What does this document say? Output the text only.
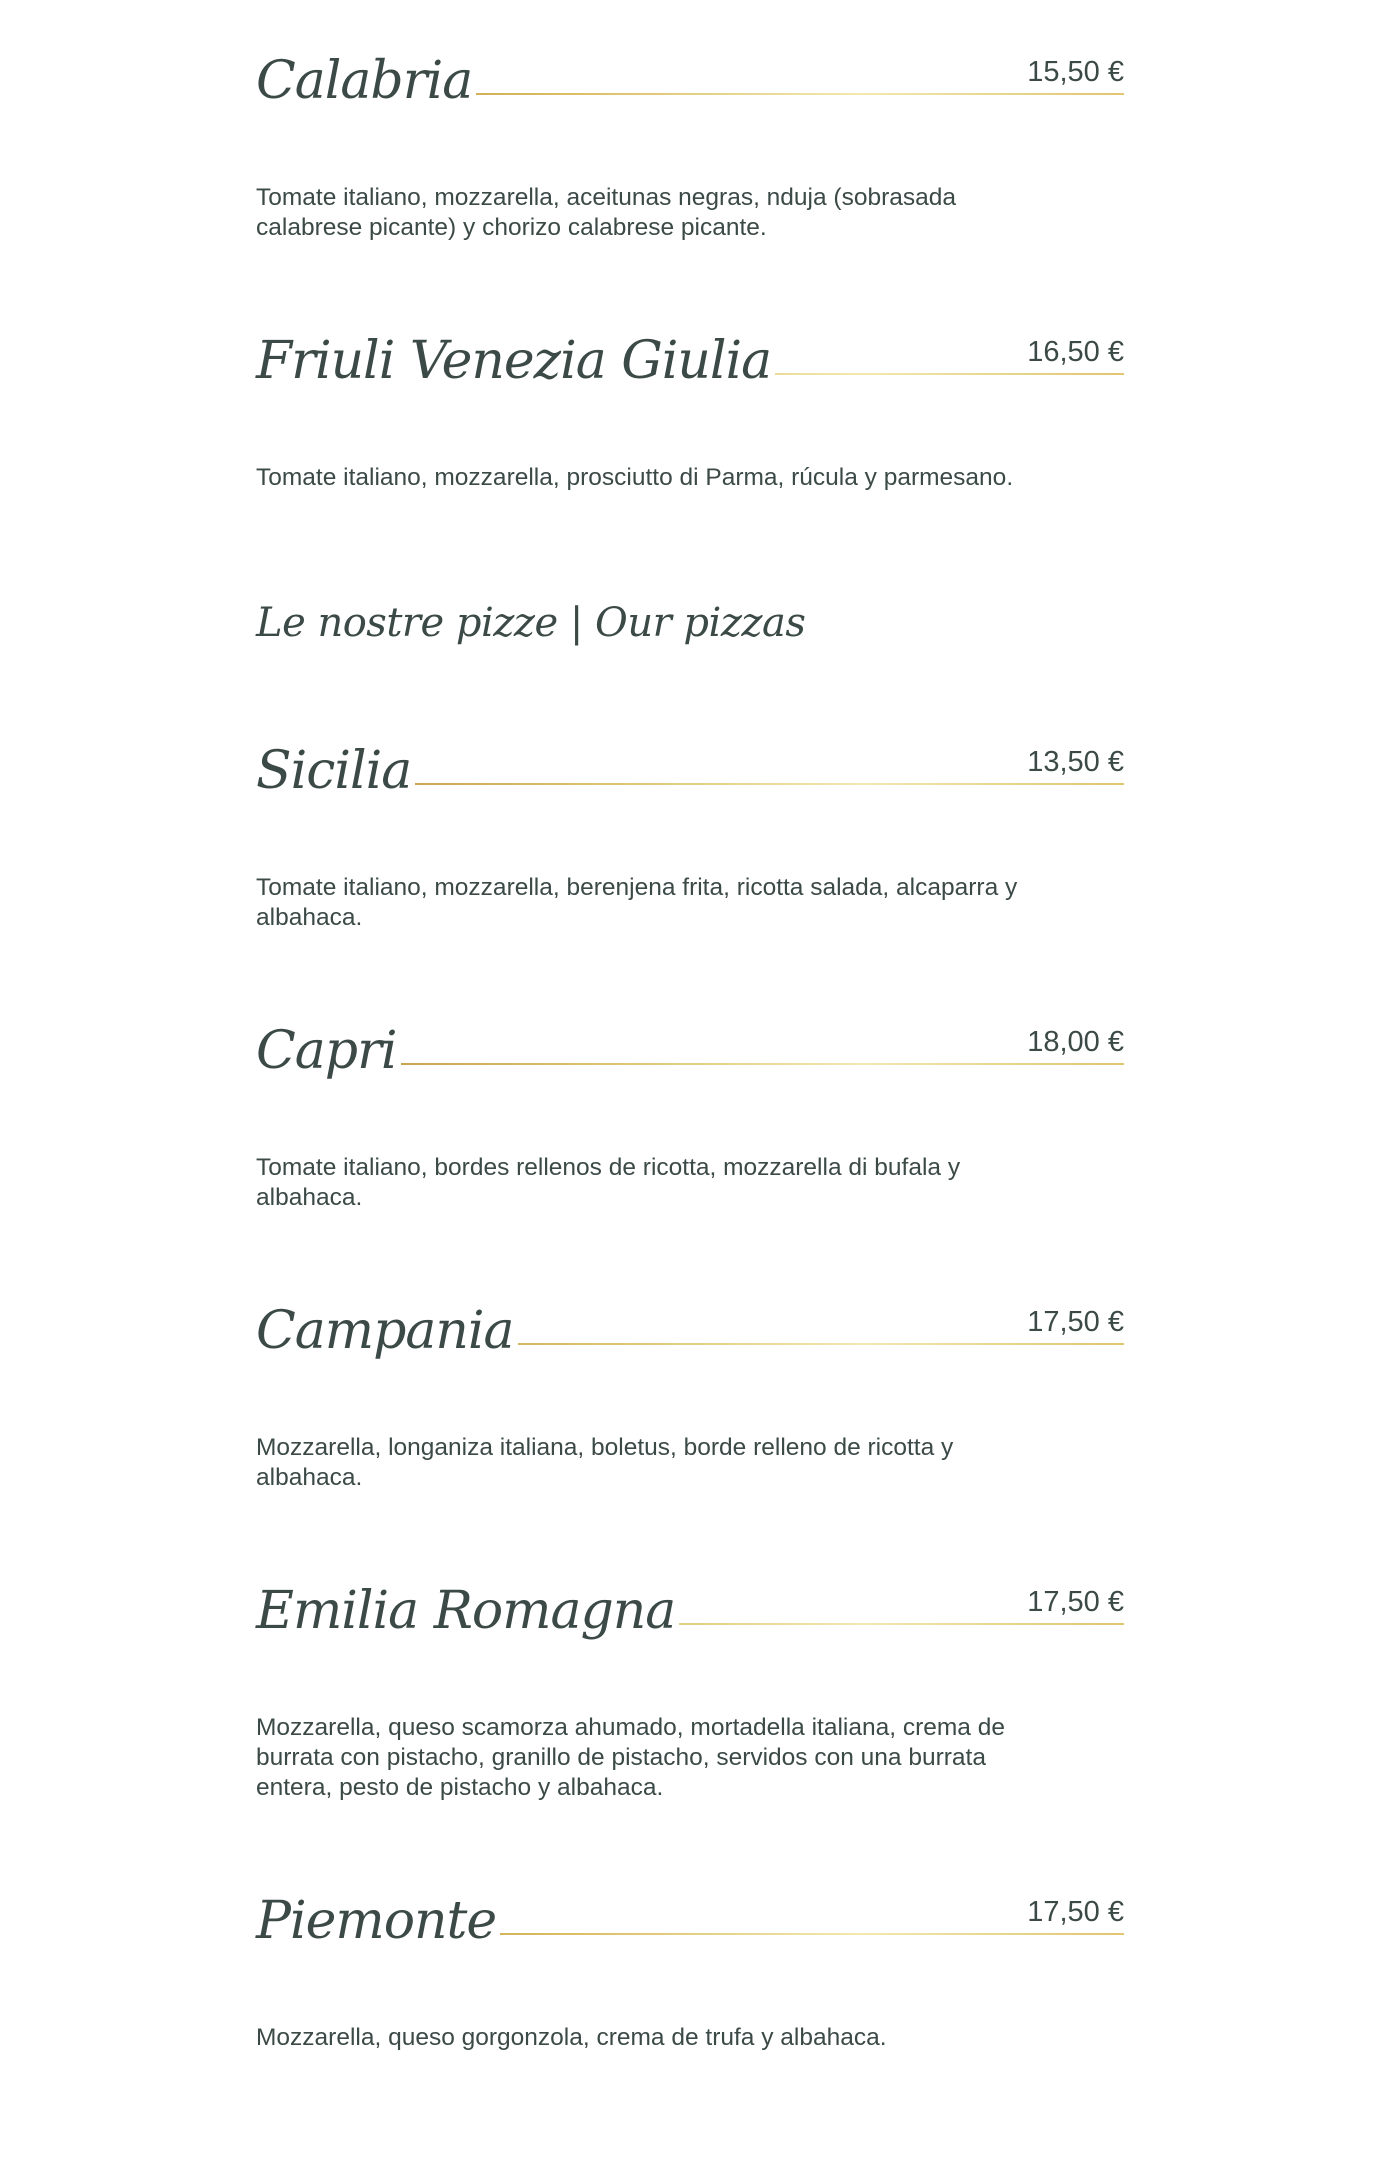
Calabria	15,50 €

Tomate italiano, mozzarella, aceitunas negras, nduja (sobrasada calabrese picante) y chorizo calabrese picante.

Friuli Venezia Giulia	16,50 €

Tomate italiano, mozzarella, prosciutto di Parma, rúcula y parmesano.

Le nostre pizze | Our pizzas
Sicilia	13,50 €

Tomate italiano, mozzarella, berenjena frita, ricotta salada, alcaparra y albahaca.

Capri	18,00 €

Tomate italiano, bordes rellenos de ricotta, mozzarella di bufala y albahaca.

Campania	17,50 €

Mozzarella, longaniza italiana, boletus, borde relleno de ricotta y albahaca.

Emilia Romagna	17,50 €

Mozzarella, queso scamorza ahumado, mortadella italiana, crema de burrata con pistacho, granillo de pistacho, servidos con una burrata entera, pesto de pistacho y albahaca.

Piemonte	17,50 €

Mozzarella, queso gorgonzola, crema de trufa y albahaca.
